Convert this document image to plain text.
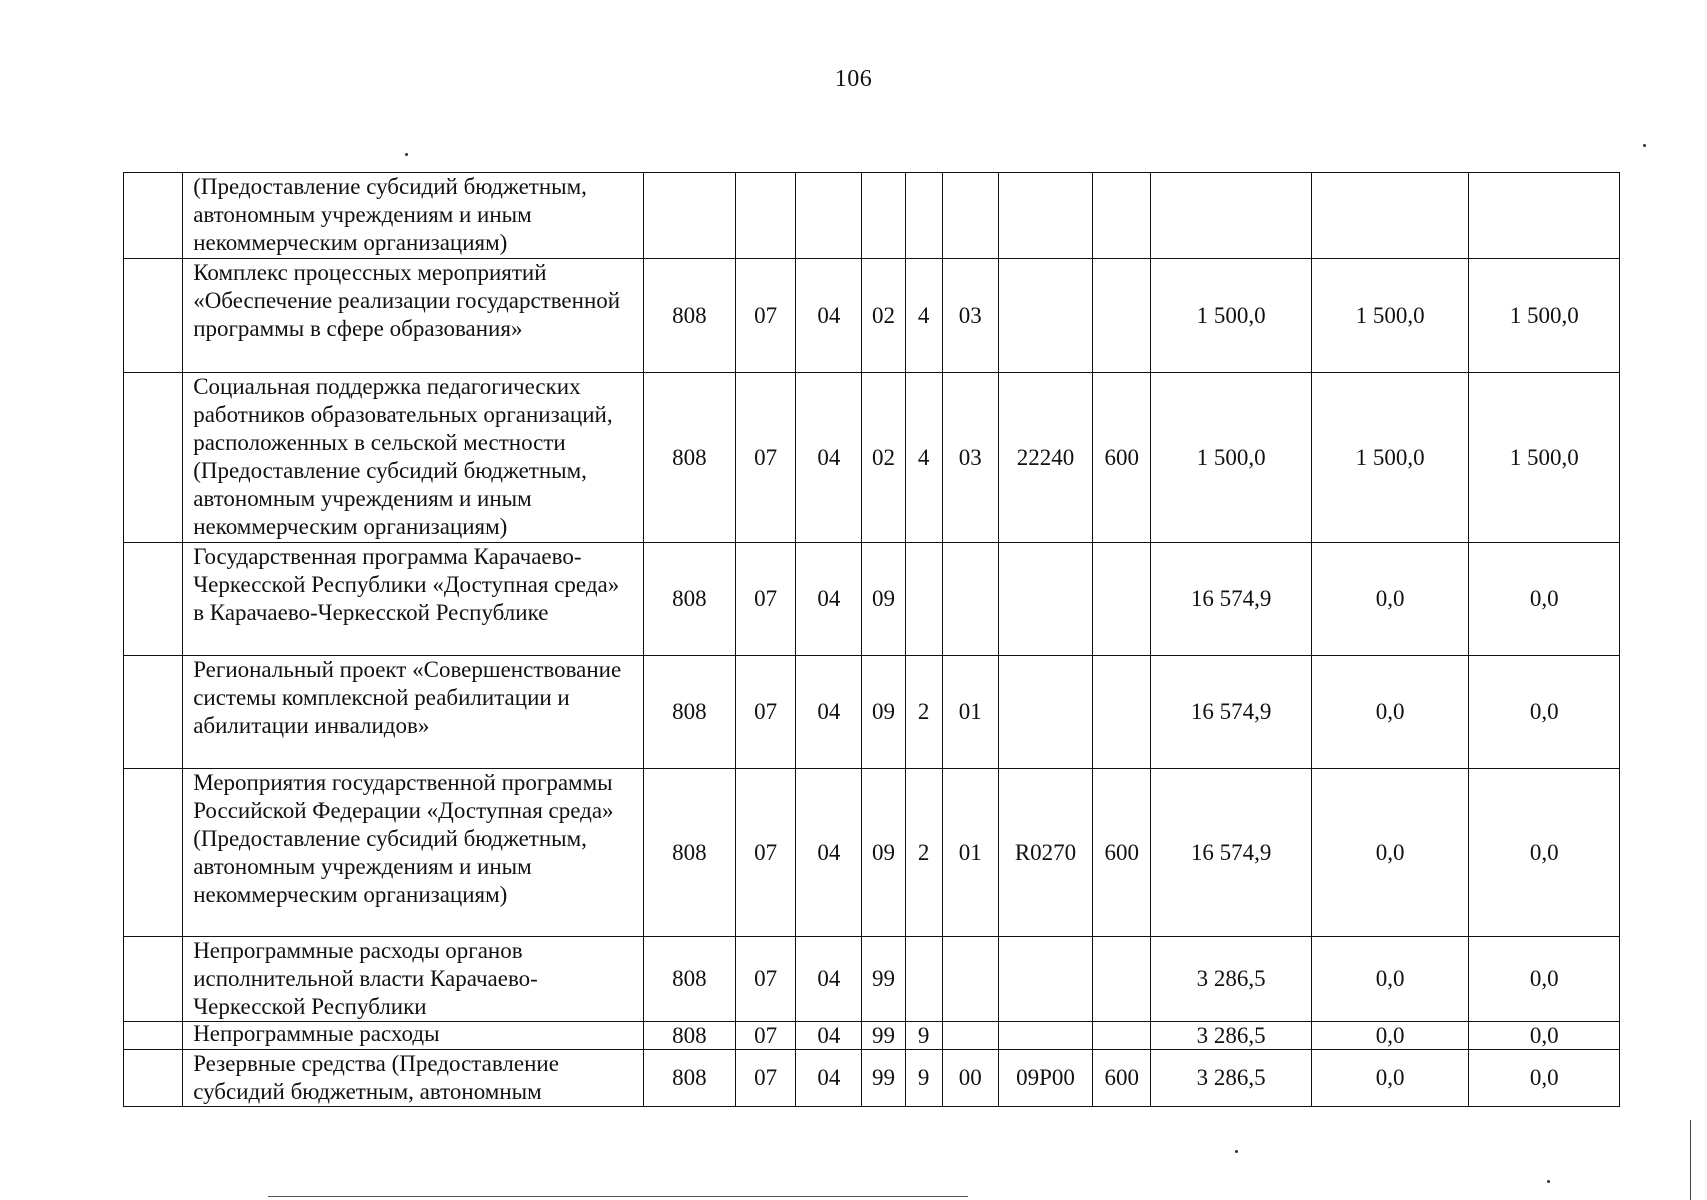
106
	(Предоставление субсидий бюджетным, автономным учреждениям и иным некоммерческим организациям)											
	Комплекс процессных мероприятий «Обеспечение реализации государственной программы в сфере образования»	808	07	04	02	4	03			1 500,0	1 500,0	1 500,0
	Социальная поддержка педагогических работников образовательных организаций, расположенных в сельской местности (Предоставление субсидий бюджетным, автономным учреждениям и иным некоммерческим организациям)	808	07	04	02	4	03	22240	600	1 500,0	1 500,0	1 500,0
	Государственная программа Карачаево-Черкесской Республики «Доступная среда» в Карачаево-Черкесской Республике	808	07	04	09					16 574,9	0,0	0,0
	Региональный проект «Совершенствование системы комплексной реабилитации и абилитации инвалидов»	808	07	04	09	2	01			16 574,9	0,0	0,0
	Мероприятия государственной программы Российской Федерации «Доступная среда» (Предоставление субсидий бюджетным, автономным учреждениям и иным некоммерческим организациям)	808	07	04	09	2	01	R0270	600	16 574,9	0,0	0,0
	Непрограммные расходы органов исполнительной власти Карачаево-Черкесской Республики	808	07	04	99					3 286,5	0,0	0,0
	Непрограммные расходы	808	07	04	99	9				3 286,5	0,0	0,0
	Резервные средства (Предоставление субсидий бюджетным, автономным	808	07	04	99	9	00	09Р00	600	3 286,5	0,0	0,0
